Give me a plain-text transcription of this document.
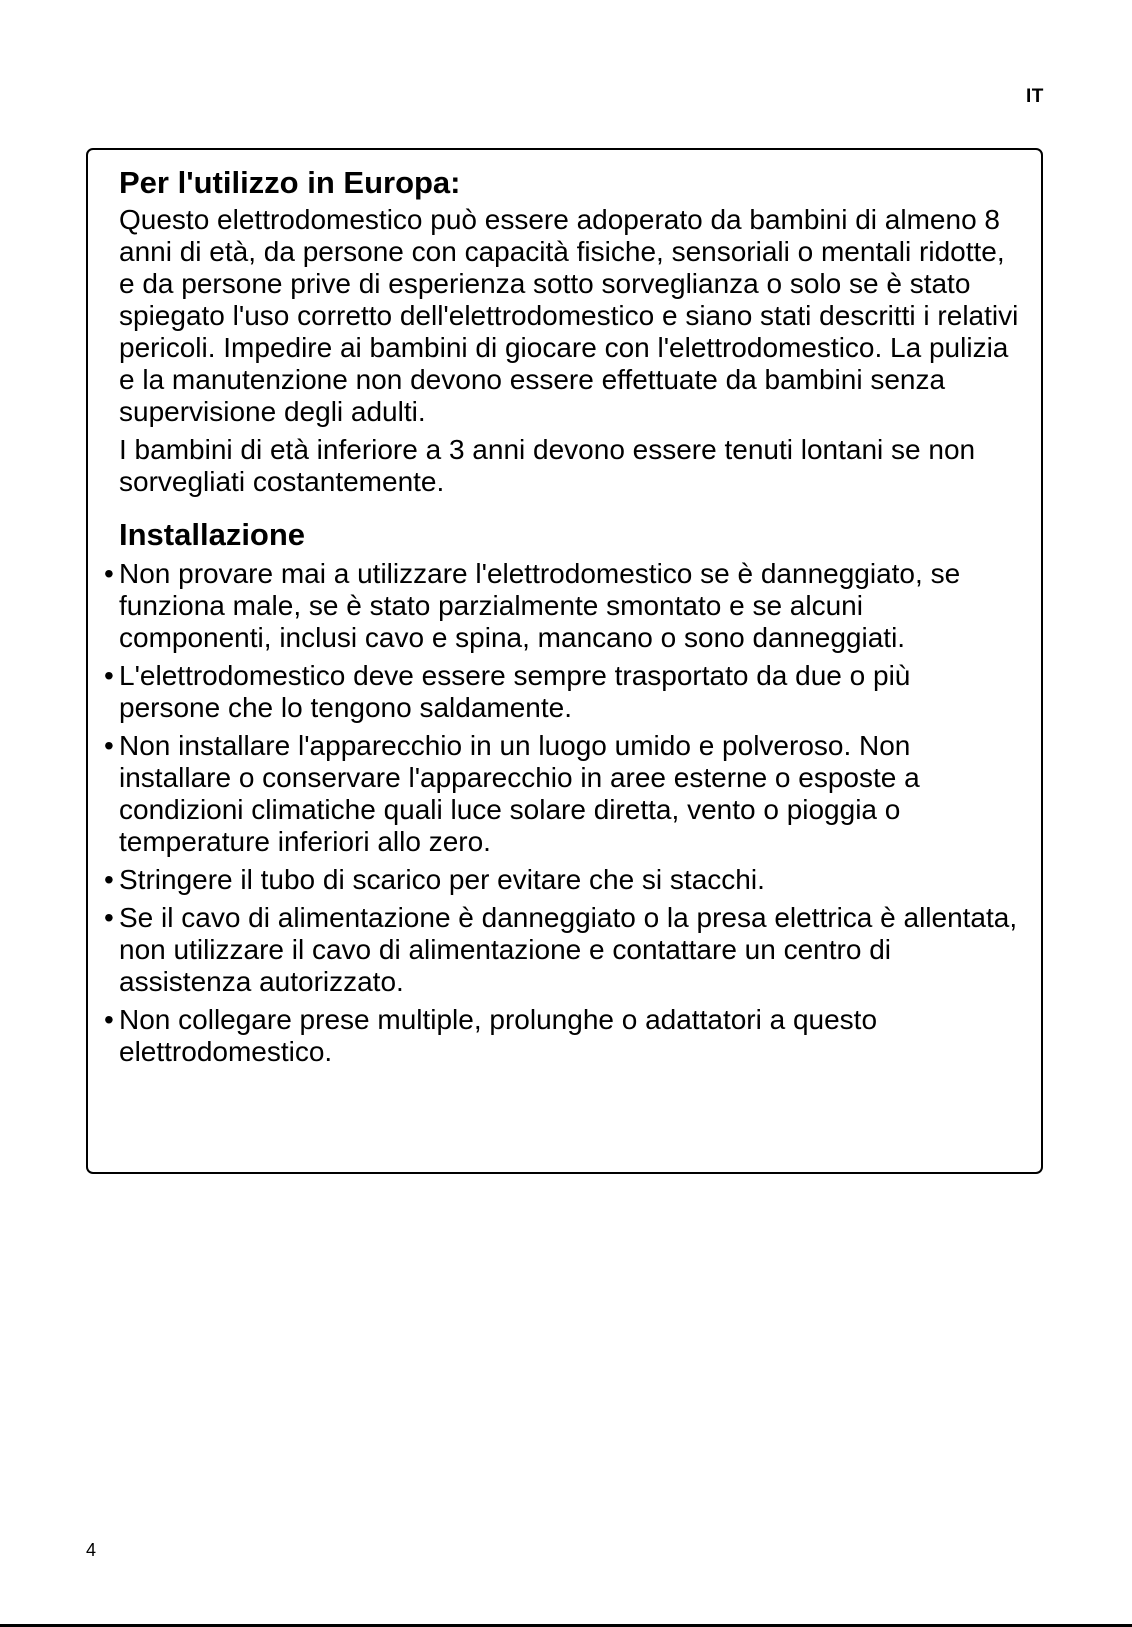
IT
Per l'utilizzo in Europa:

Questo elettrodomestico può essere adoperato da bambini di almeno 8 anni di età, da persone con capacità fisiche, sensoriali o mentali ridotte, e da persone prive di esperienza sotto sorveglianza o solo se è stato spiegato l'uso corretto dell'elettrodomestico e siano stati descritti i relativi pericoli. Impedire ai bambini di giocare con l'elettrodomestico. La pulizia e la manutenzione non devono essere effettuate da bambini senza supervisione degli adulti.

I bambini di età inferiore a 3 anni devono essere tenuti lontani se non sorvegliati costantemente.

Installazione
• Non provare mai a utilizzare l'elettrodomestico se è danneggiato, se funziona male, se è stato parzialmente smontato e se alcuni componenti, inclusi cavo e spina, mancano o sono danneggiati.
• L'elettrodomestico deve essere sempre trasportato da due o più persone che lo tengono saldamente.
• Non installare l'apparecchio in un luogo umido e polveroso. Non installare o conservare l'apparecchio in aree esterne o esposte a condizioni climatiche quali luce solare diretta, vento o pioggia o temperature inferiori allo zero.
• Stringere il tubo di scarico per evitare che si stacchi.
• Se il cavo di alimentazione è danneggiato o la presa elettrica è allentata, non utilizzare il cavo di alimentazione e contattare un centro di assistenza autorizzato.
• Non collegare prese multiple, prolunghe o adattatori a questo elettrodomestico.
4
